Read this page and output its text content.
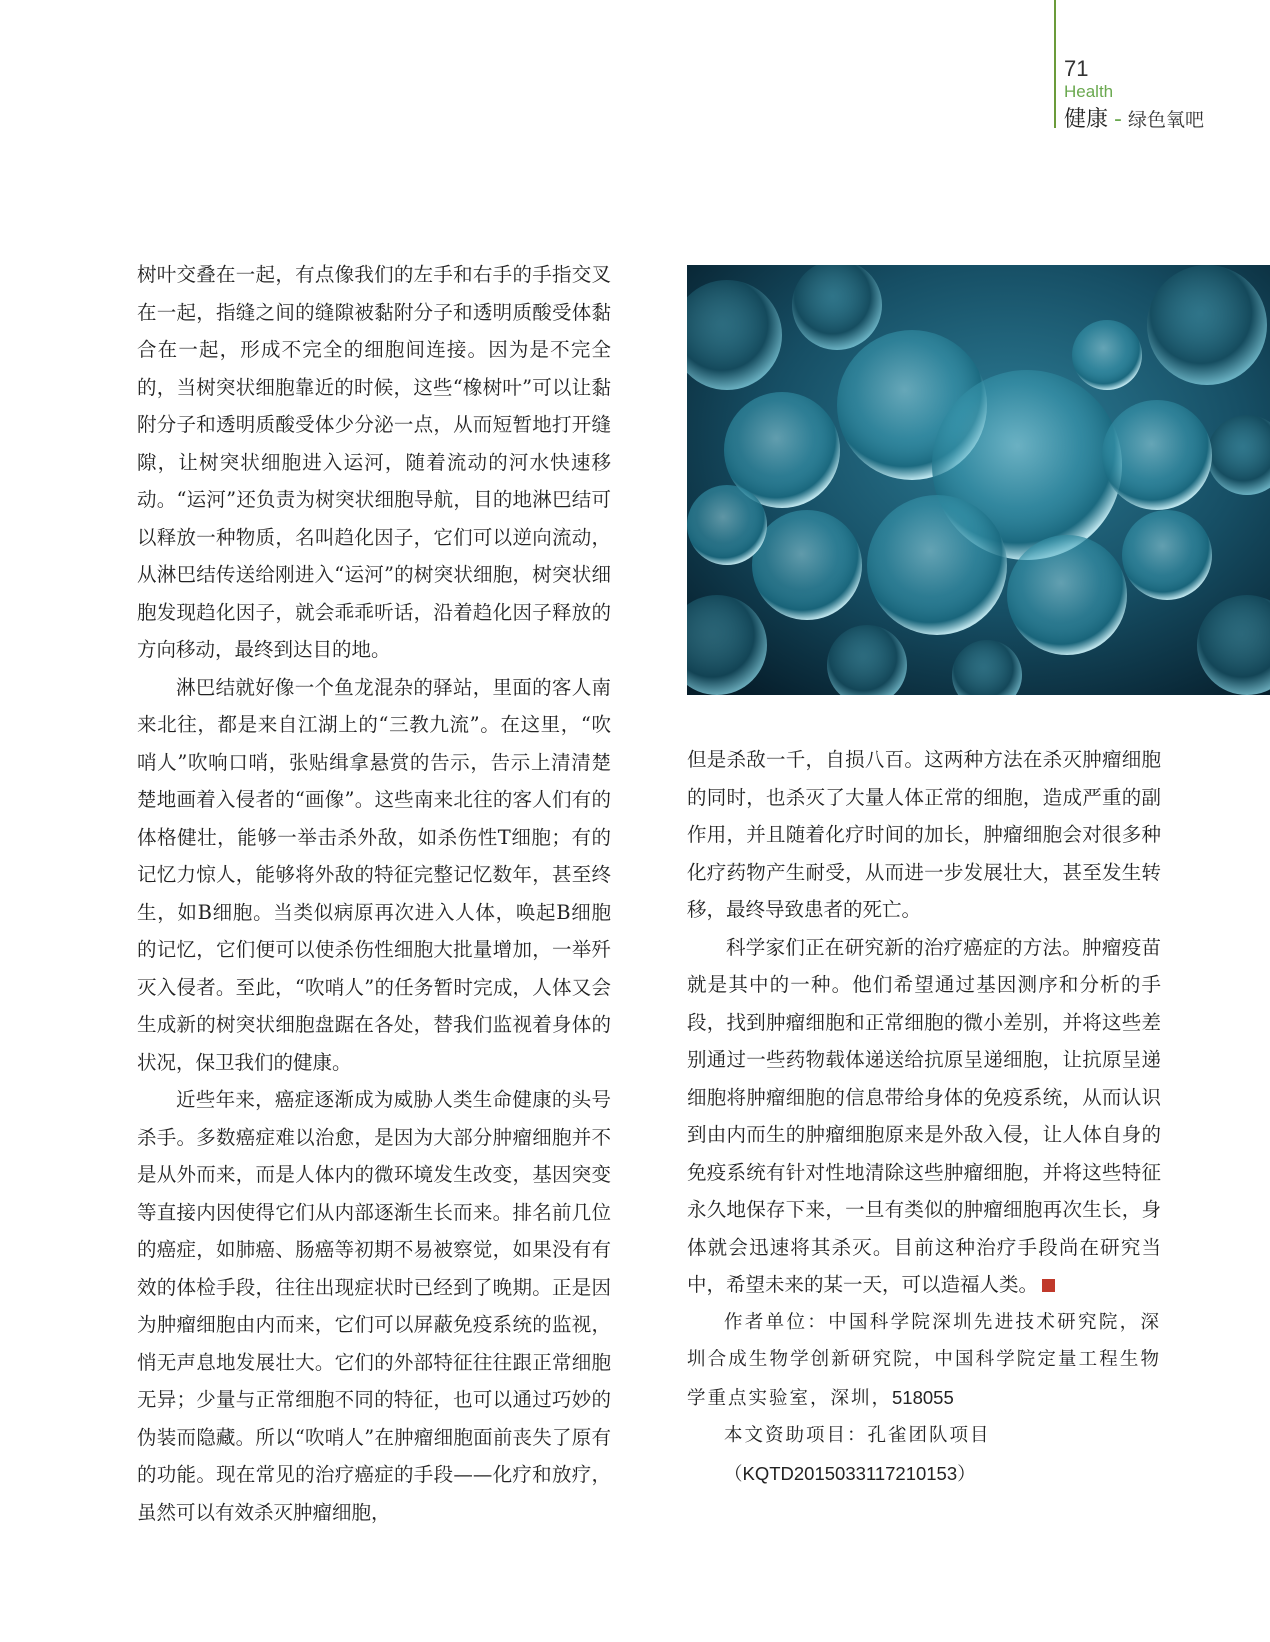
71
Health
健康 - 绿色氧吧

树叶交叠在一起，有点像我们的左手和右手的手指交叉在一起，指缝之间的缝隙被黏附分子和透明质酸受体黏合在一起，形成不完全的细胞间连接。因为是不完全的，当树突状细胞靠近的时候，这些“橡树叶”可以让黏附分子和透明质酸受体少分泌一点，从而短暂地打开缝隙，让树突状细胞进入运河，随着流动的河水快速移动。“运河”还负责为树突状细胞导航，目的地淋巴结可以释放一种物质，名叫趋化因子，它们可以逆向流动，从淋巴结传送给刚进入“运河”的树突状细胞，树突状细胞发现趋化因子，就会乖乖听话，沿着趋化因子释放的方向移动，最终到达目的地。

淋巴结就好像一个鱼龙混杂的驿站，里面的客人南来北往，都是来自江湖上的“三教九流”。在这里，“吹哨人”吹响口哨，张贴缉拿悬赏的告示，告示上清清楚楚地画着入侵者的“画像”。这些南来北往的客人们有的体格健壮，能够一举击杀外敌，如杀伤性T细胞；有的记忆力惊人，能够将外敌的特征完整记忆数年，甚至终生，如B细胞。当类似病原再次进入人体，唤起B细胞的记忆，它们便可以使杀伤性细胞大批量增加，一举歼灭入侵者。至此，“吹哨人”的任务暂时完成，人体又会生成新的树突状细胞盘踞在各处，替我们监视着身体的状况，保卫我们的健康。

近些年来，癌症逐渐成为威胁人类生命健康的头号杀手。多数癌症难以治愈，是因为大部分肿瘤细胞并不是从外而来，而是人体内的微环境发生改变，基因突变等直接内因使得它们从内部逐渐生长而来。排名前几位的癌症，如肺癌、肠癌等初期不易被察觉，如果没有有效的体检手段，往往出现症状时已经到了晚期。正是因为肿瘤细胞由内而来，它们可以屏蔽免疫系统的监视，悄无声息地发展壮大。它们的外部特征往往跟正常细胞无异；少量与正常细胞不同的特征，也可以通过巧妙的伪装而隐藏。所以“吹哨人”在肿瘤细胞面前丧失了原有的功能。现在常见的治疗癌症的手段——化疗和放疗，虽然可以有效杀灭肿瘤细胞，

但是杀敌一千，自损八百。这两种方法在杀灭肿瘤细胞的同时，也杀灭了大量人体正常的细胞，造成严重的副作用，并且随着化疗时间的加长，肿瘤细胞会对很多种化疗药物产生耐受，从而进一步发展壮大，甚至发生转移，最终导致患者的死亡。

科学家们正在研究新的治疗癌症的方法。肿瘤疫苗就是其中的一种。他们希望通过基因测序和分析的手段，找到肿瘤细胞和正常细胞的微小差别，并将这些差别通过一些药物载体递送给抗原呈递细胞，让抗原呈递细胞将肿瘤细胞的信息带给身体的免疫系统，从而认识到由内而生的肿瘤细胞原来是外敌入侵，让人体自身的免疫系统有针对性地清除这些肿瘤细胞，并将这些特征永久地保存下来，一旦有类似的肿瘤细胞再次生长，身体就会迅速将其杀灭。目前这种治疗手段尚在研究当中，希望未来的某一天，可以造福人类。	S

作者单位：中国科学院深圳先进技术研究院，深圳合成生物学创新研究院，中国科学院定量工程生物学重点实验室，深圳，518055

本文资助项目：孔雀团队项目

（KQTD2015033117210153）
